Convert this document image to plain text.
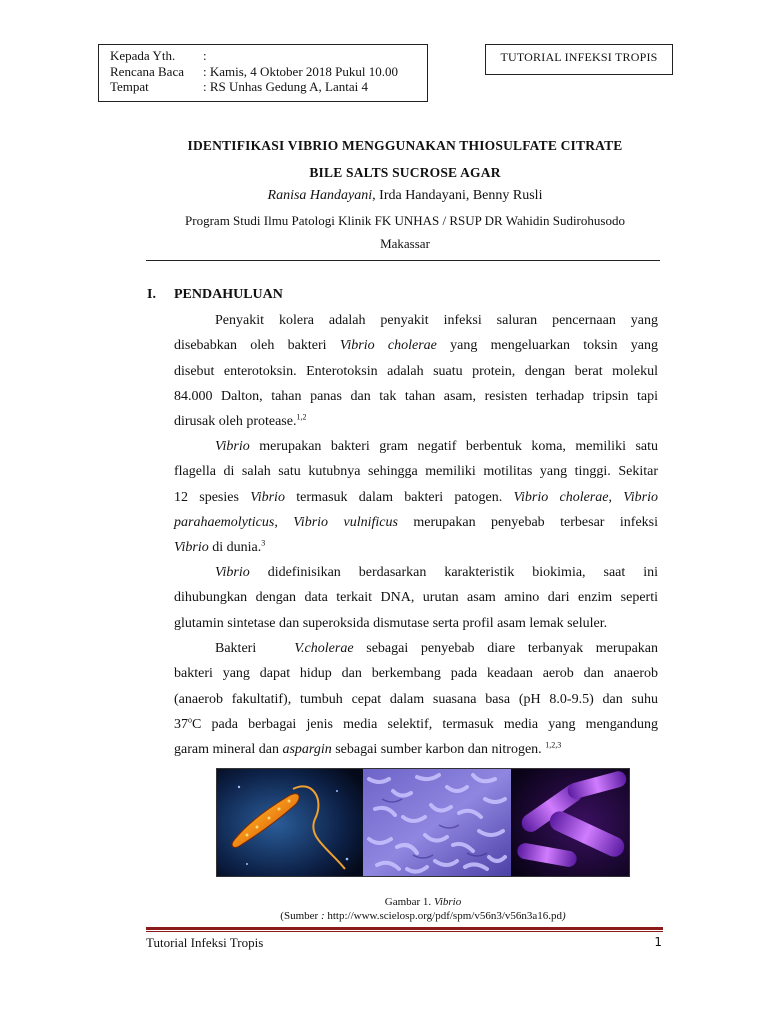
Kepada Yth.	:
Rencana Baca	: Kamis, 4 Oktober 2018 Pukul 10.00
Tempat	: RS Unhas Gedung A, Lantai 4
TUTORIAL INFEKSI TROPIS
IDENTIFIKASI VIBRIO MENGGUNAKAN THIOSULFATE CITRATE
BILE SALTS SUCROSE AGAR
Ranisa Handayani, Irda Handayani, Benny Rusli
Program Studi Ilmu Patologi Klinik FK UNHAS / RSUP DR Wahidin Sudirohusodo
Makassar
I. PENDAHULUAN
Penyakit kolera adalah penyakit infeksi saluran pencernaan yang
disebabkan oleh bakteri Vibrio cholerae yang mengeluarkan toksin yang
disebut enterotoksin. Enterotoksin adalah suatu protein, dengan berat molekul
84.000 Dalton, tahan panas dan tak tahan asam, resisten terhadap tripsin tapi
dirusak oleh protease.$^{1,2}$
Vibrio merupakan bakteri gram negatif berbentuk koma, memiliki satu
flagella di salah satu kutubnya sehingga memiliki motilitas yang tinggi. Sekitar
12 spesies Vibrio termasuk dalam bakteri patogen. Vibrio cholerae, Vibrio
parahaemolyticus, Vibrio vulnificus merupakan penyebab terbesar infeksi
Vibrio di dunia.$^3$
Vibrio didefinisikan berdasarkan karakteristik biokimia, saat ini
dihubungkan dengan data terkait DNA, urutan asam amino dari enzim seperti
glutamin sintetase dan superoksida dismutase serta profil asam lemak seluler.
Bakteri	V.cholerae sebagai penyebab diare terbanyak merupakan
bakteri yang dapat hidup dan berkembang pada keadaan aerob dan anaerob
(anaerob fakultatif), tumbuh cepat dalam suasana basa (pH 8.0-9.5) dan suhu
37$^o$C pada berbagai jenis media selektif, termasuk media yang mengandung
garam mineral dan aspargin sebagai sumber karbon dan nitrogen. $^{1,2,3}$
Gambar 1. Vibrio
(Sumber : http://www.scielosp.org/pdf/spm/v56n3/v56n3a16.pd)
Tutorial Infeksi Tropis	1
